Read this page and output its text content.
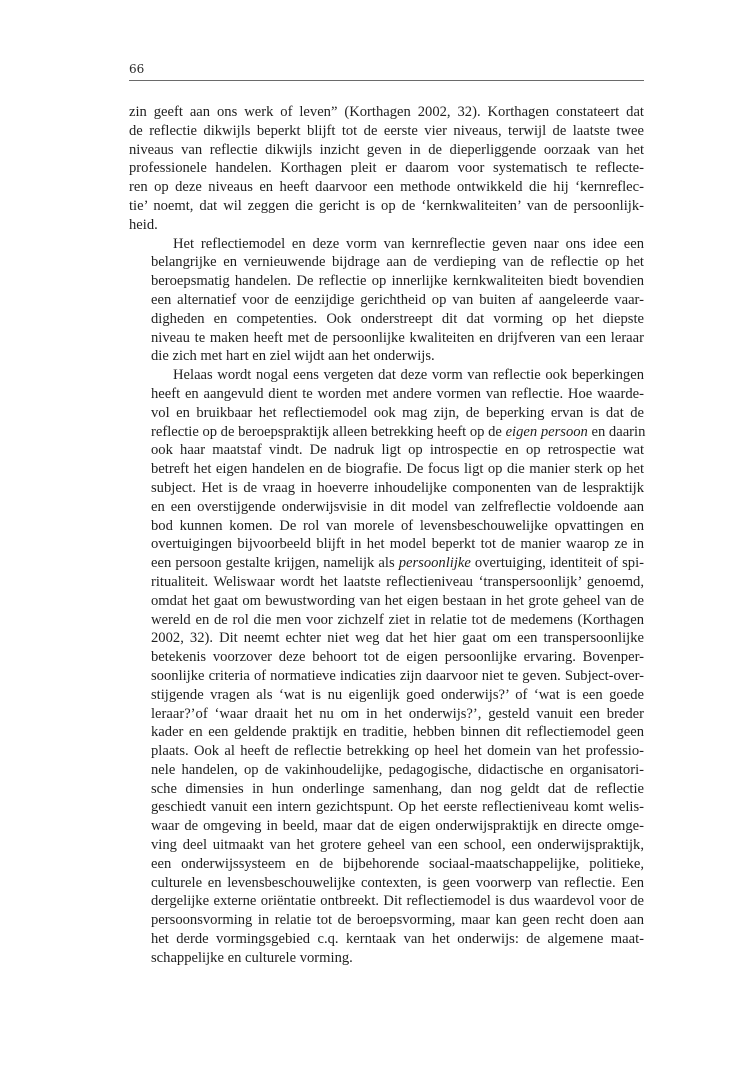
66

zin geeft aan ons werk of leven” (Korthagen 2002, 32). Korthagen constateert dat
de reflectie dikwijls beperkt blijft tot de eerste vier niveaus, terwijl de laatste twee
niveaus van reflectie dikwijls inzicht geven in de dieperliggende oorzaak van het
professionele handelen. Korthagen pleit er daarom voor systematisch te reflecte-
ren op deze niveaus en heeft daarvoor een methode ontwikkeld die hij ‘kernreflec-
tie’ noemt, dat wil zeggen die gericht is op de ‘kernkwaliteiten’ van de persoonlijk-
heid.

Het reflectiemodel en deze vorm van kernreflectie geven naar ons idee een
belangrijke en vernieuwende bijdrage aan de verdieping van de reflectie op het
beroepsmatig handelen. De reflectie op innerlijke kernkwaliteiten biedt bovendien
een alternatief voor de eenzijdige gerichtheid op van buiten af aangeleerde vaar-
digheden en competenties. Ook onderstreept dit dat vorming op het diepste
niveau te maken heeft met de persoonlijke kwaliteiten en drijfveren van een leraar
die zich met hart en ziel wijdt aan het onderwijs.

Helaas wordt nogal eens vergeten dat deze vorm van reflectie ook beperkingen
heeft en aangevuld dient te worden met andere vormen van reflectie. Hoe waarde-
vol en bruikbaar het reflectiemodel ook mag zijn, de beperking ervan is dat de
reflectie op de beroepspraktijk alleen betrekking heeft op de eigen persoon en daarin
ook haar maatstaf vindt. De nadruk ligt op introspectie en op retrospectie wat
betreft het eigen handelen en de biografie. De focus ligt op die manier sterk op het
subject. Het is de vraag in hoeverre inhoudelijke componenten van de lespraktijk
en een overstijgende onderwijsvisie in dit model van zelfreflectie voldoende aan
bod kunnen komen. De rol van morele of levensbeschouwelijke opvattingen en
overtuigingen bijvoorbeeld blijft in het model beperkt tot de manier waarop ze in
een persoon gestalte krijgen, namelijk als persoonlijke overtuiging, identiteit of spi-
ritualiteit. Weliswaar wordt het laatste reflectieniveau ‘transpersoonlijk’ genoemd,
omdat het gaat om bewustwording van het eigen bestaan in het grote geheel van de
wereld en de rol die men voor zichzelf ziet in relatie tot de medemens (Korthagen
2002, 32). Dit neemt echter niet weg dat het hier gaat om een transpersoonlijke
betekenis voorzover deze behoort tot de eigen persoonlijke ervaring. Bovenper-
soonlijke criteria of normatieve indicaties zijn daarvoor niet te geven. Subject-over-
stijgende vragen als ‘wat is nu eigenlijk goed onderwijs?’ of ‘wat is een goede
leraar?’of ‘waar draait het nu om in het onderwijs?’, gesteld vanuit een breder
kader en een geldende praktijk en traditie, hebben binnen dit reflectiemodel geen
plaats. Ook al heeft de reflectie betrekking op heel het domein van het professio-
nele handelen, op de vakinhoudelijke, pedagogische, didactische en organisatori-
sche dimensies in hun onderlinge samenhang, dan nog geldt dat de reflectie
geschiedt vanuit een intern gezichtspunt. Op het eerste reflectieniveau komt welis-
waar de omgeving in beeld, maar dat de eigen onderwijspraktijk en directe omge-
ving deel uitmaakt van het grotere geheel van een school, een onderwijspraktijk,
een onderwijssysteem en de bijbehorende sociaal-maatschappelijke, politieke,
culturele en levensbeschouwelijke contexten, is geen voorwerp van reflectie. Een
dergelijke externe oriëntatie ontbreekt. Dit reflectiemodel is dus waardevol voor de
persoonsvorming in relatie tot de beroepsvorming, maar kan geen recht doen aan
het derde vormingsgebied c.q. kerntaak van het onderwijs: de algemene maat-
schappelijke en culturele vorming.
